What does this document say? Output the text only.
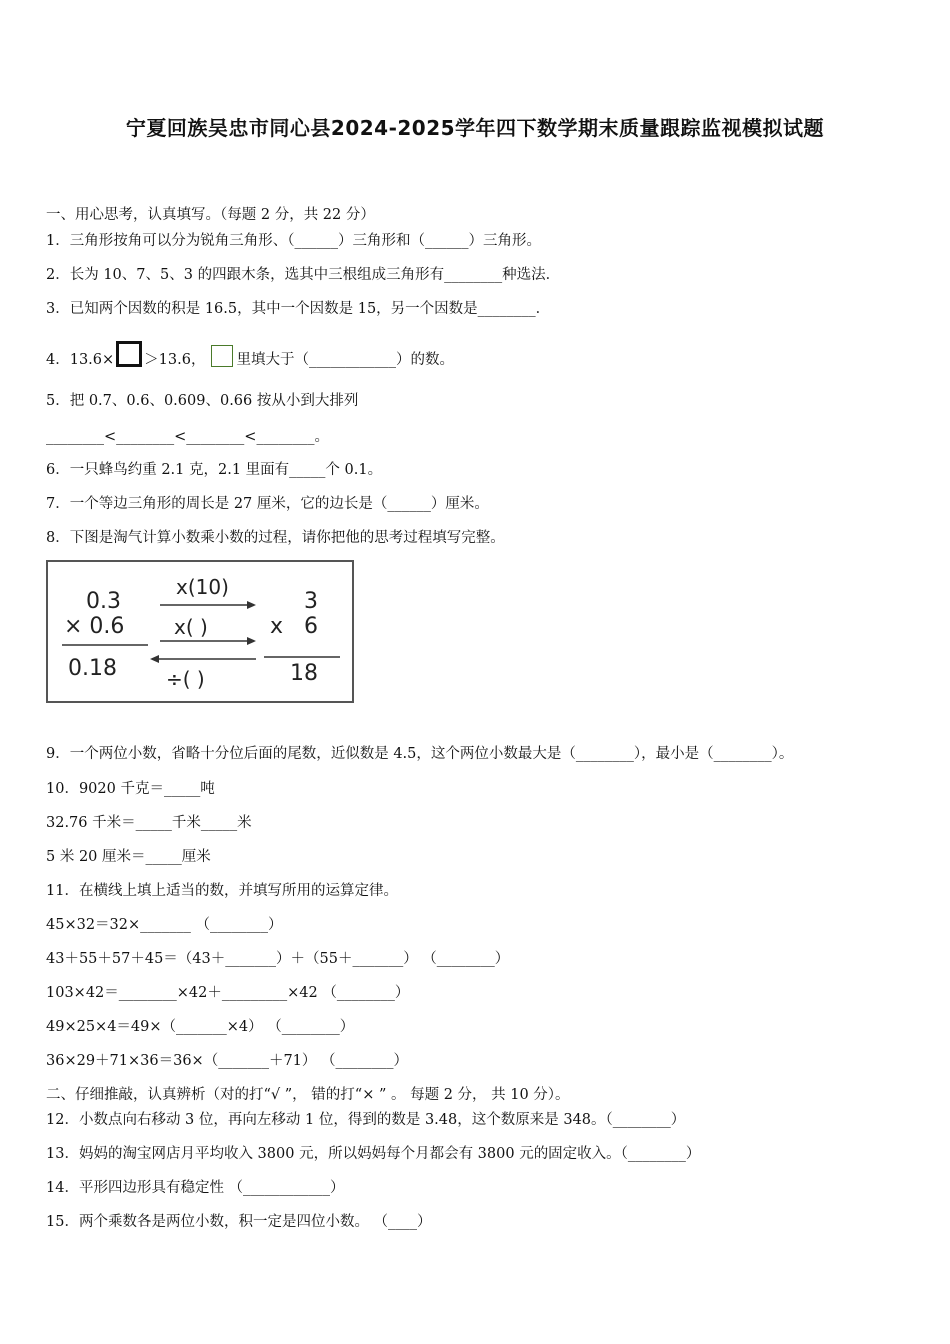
宁夏回族吴忠市同心县2024-2025学年四下数学期末质量跟踪监视模拟试题
一、用心思考，认真填写。（每题 2 分，共 22 分）
1．三角形按角可以分为锐角三角形、（______）三角形和（______）三角形。
2．长为 10、7、5、3 的四跟木条，选其中三根组成三角形有________种选法．
3．已知两个因数的积是 16.5，其中一个因数是 15，另一个因数是________．
4．13.6× ＞13.6， 里填大于（____________）的数。
5．把 0.7、0.6、0.609、0.66 按从小到大排列
________<________<________<________。
6．一只蜂鸟约重 2.1 克，2.1 里面有_____个 0.1。
7．一个等边三角形的周长是 27 厘米，它的边长是（______）厘米。
8．下图是淘气计算小数乘小数的过程，请你把他的思考过程填写完整。
0.3
× 0.6
0.18
x(10)
x( )
÷( )
3
x 6
18
9．一个两位小数，省略十分位后面的尾数，近似数是 4.5，这个两位小数最大是（________），最小是（________）。
10．9020 千克＝_____吨
32.76 千米＝_____千米_____米
5 米 20 厘米＝_____厘米
11．在横线上填上适当的数，并填写所用的运算定律。
45×32＝32×_______ （________）
43＋55＋57＋45＝（43＋_______）＋（55＋_______） （________）
103×42＝________×42＋_________×42 （________）
49×25×4＝49×（_______×4） （________）
36×29＋71×36＝36×（_______＋71） （________）
二、仔细推敲，认真辨析（对的打“√ ”， 错的打“× ” 。 每题 2 分， 共 10 分）。
12．小数点向右移动 3 位，再向左移动 1 位，得到的数是 3.48，这个数原来是 348。（________）
13．妈妈的淘宝网店月平均收入 3800 元，所以妈妈每个月都会有 3800 元的固定收入。（________）
14．平形四边形具有稳定性 （____________）
15．两个乘数各是两位小数，积一定是四位小数。 （____）
